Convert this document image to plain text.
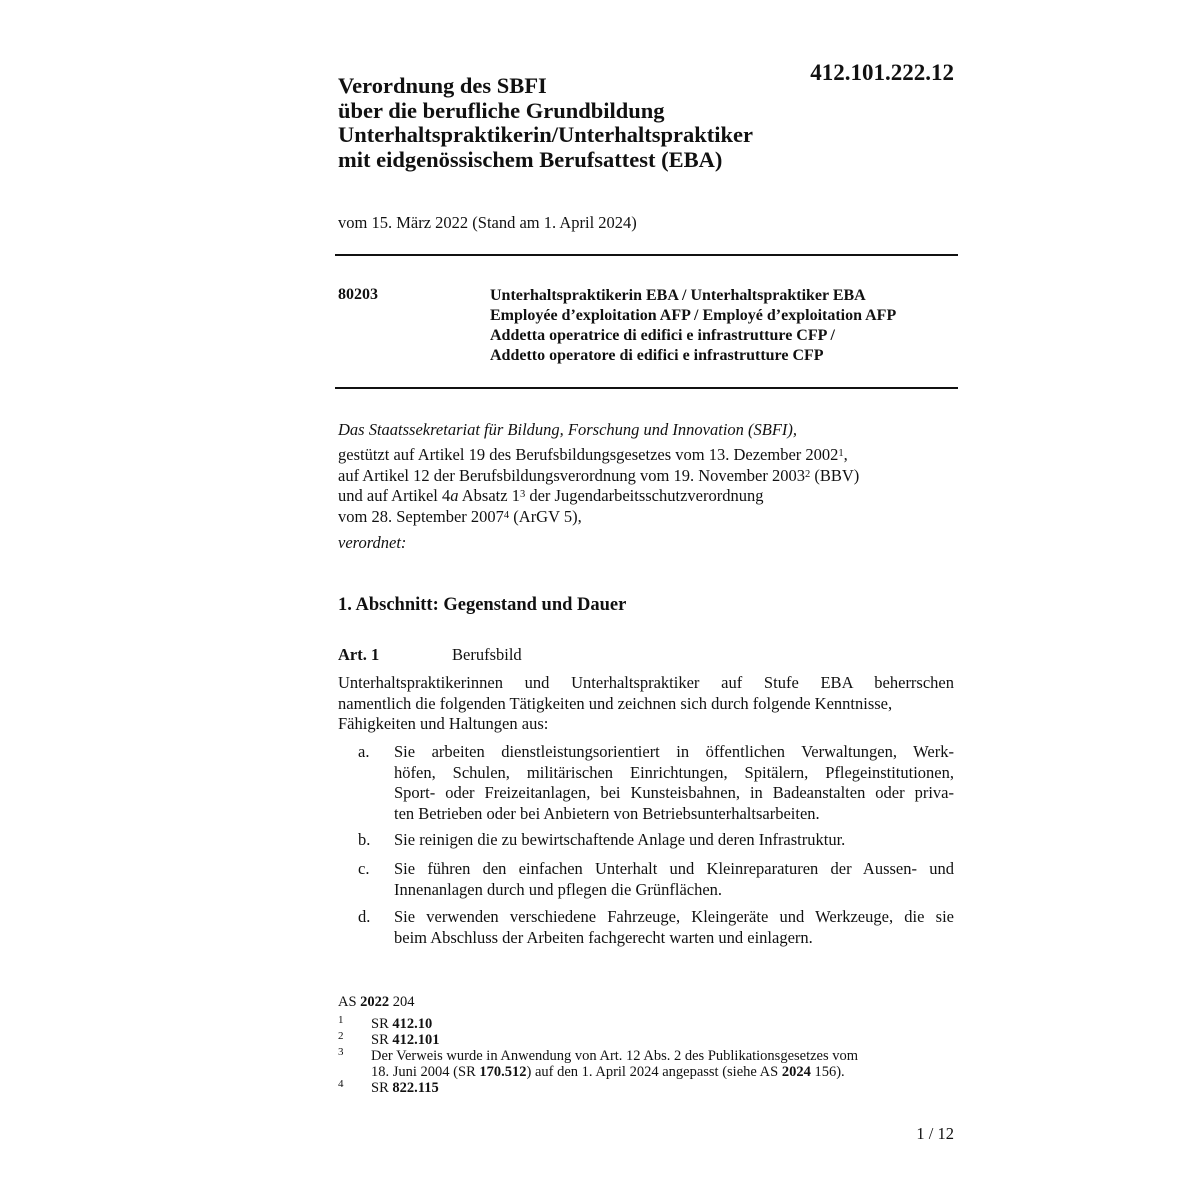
412.101.222.12
Verordnung des SBFI
über die berufliche Grundbildung
Unterhaltspraktikerin/Unterhaltspraktiker
mit eidgenössischem Berufsattest (EBA)
vom 15. März 2022 (Stand am 1. April 2024)
80203	Unterhaltspraktikerin EBA / Unterhaltspraktiker EBA
Employée d’exploitation AFP / Employé d’exploitation AFP
Addetta operatrice di edifici e infrastrutture CFP /
Addetto operatore di edifici e infrastrutture CFP
Das Staatssekretariat für Bildung, Forschung und Innovation (SBFI),
gestützt auf Artikel 19 des Berufsbildungsgesetzes vom 13. Dezember 2002$^1$,
auf Artikel 12 der Berufsbildungsverordnung vom 19. November 2003$^2$ (BBV)
und auf Artikel 4a Absatz $1^3$ der Jugendarbeitsschutzverordnung
vom 28. September 2007$^4$ (ArGV 5),
verordnet:
1. Abschnitt: Gegenstand und Dauer
Art. 1	Berufsbild
Unterhaltspraktikerinnen und Unterhaltspraktiker auf Stufe EBA beherrschen
namentlich die folgenden Tätigkeiten und zeichnen sich durch folgende Kenntnisse,
Fähigkeiten und Haltungen aus:
a. Sie arbeiten dienstleistungsorientiert in öffentlichen Verwaltungen, Werk-
höfen, Schulen, militärischen Einrichtungen, Spitälern, Pflegeinstitutionen,
Sport- oder Freizeitanlagen, bei Kunsteisbahnen, in Badeanstalten oder priva-
ten Betrieben oder bei Anbietern von Betriebsunterhaltsarbeiten.
b. Sie reinigen die zu bewirtschaftende Anlage und deren Infrastruktur.
c. Sie führen den einfachen Unterhalt und Kleinreparaturen der Aussen- und
Innenanlagen durch und pflegen die Grünflächen.
d. Sie verwenden verschiedene Fahrzeuge, Kleingeräte und Werkzeuge, die sie
beim Abschluss der Arbeiten fachgerecht warten und einlagern.
AS 2022 204
1 SR 412.10
2 SR 412.101
3 Der Verweis wurde in Anwendung von Art. 12 Abs. 2 des Publikationsgesetzes vom
18. Juni 2004 (SR 170.512) auf den 1. April 2024 angepasst (siehe AS 2024 156).
4 SR 822.115
1 / 12
